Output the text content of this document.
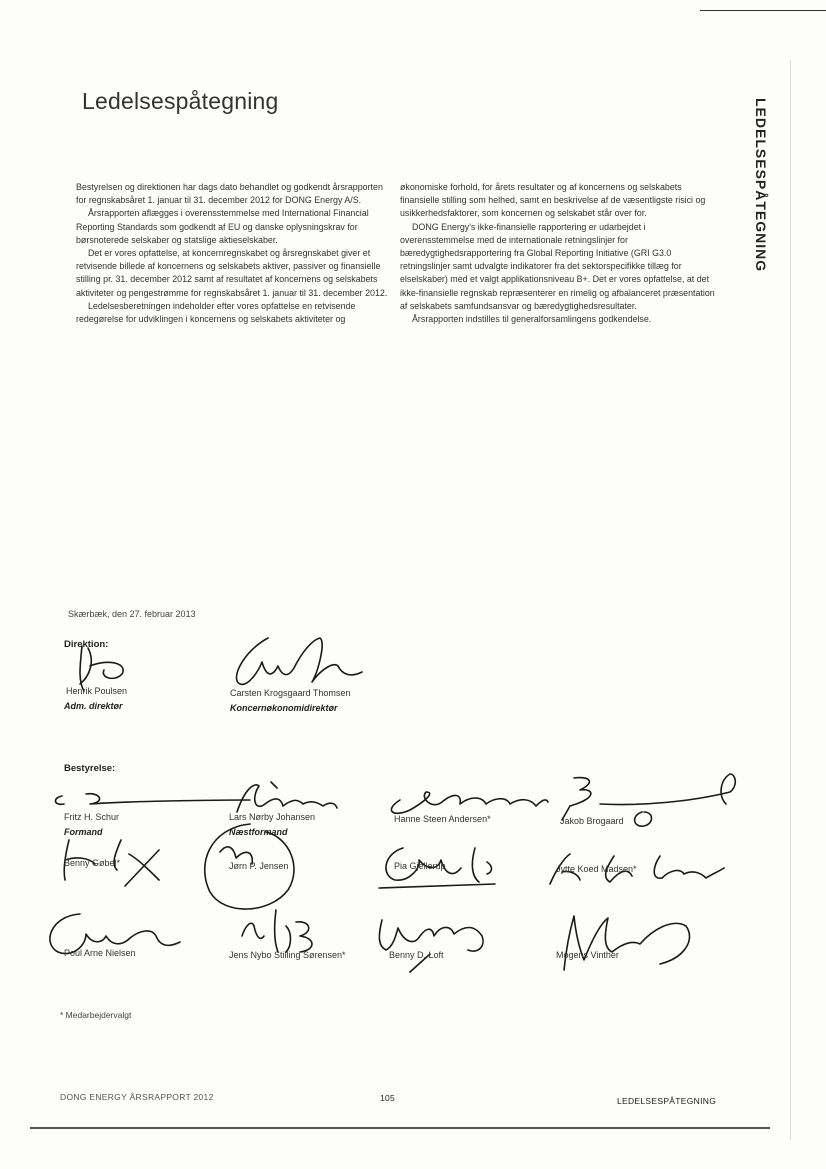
Ledelsespåtegning	LEDELSESPÅTEGNING

Bestyrelsen og direktionen har dags dato behandlet og godkendt årsrapporten for regnskabsåret 1. januar til 31. december 2012 for DONG Energy A/S.

Årsrapporten aflægges i overensstemmelse med International Financial Reporting Standards som godkendt af EU og danske oplysningskrav for børsnoterede selskaber og statslige aktieselskaber.

Det er vores opfattelse, at koncernregnskabet og årsregnskabet giver et retvisende billede af koncernens og selskabets aktiver, passiver og finansielle stilling pr. 31. december 2012 samt af resultatet af koncernens og selskabets aktiviteter og pengestrømme for regnskabsåret 1. januar til 31. december 2012.

Ledelsesberetningen indeholder efter vores opfattelse en retvisende redegørelse for udviklingen i koncernens og selskabets aktiviteter og

økonomiske forhold, for årets resultater og af koncernens og selskabets finansielle stilling som helhed, samt en beskrivelse af de væsentligste risici og usikkerhedsfaktorer, som koncernen og selskabet står over for.

DONG Energy's ikke-finansielle rapportering er udarbejdet i overensstemmelse med de internationale retningslinjer for bæredygtighedsrapportering fra Global Reporting Initiative (GRI G3.0 retningslinjer samt udvalgte indikatorer fra det sektorspecifikke tillæg for elselskaber) med et valgt applikationsniveau B+. Det er vores opfattelse, at det ikke-finansielle regnskab repræsenterer en rimelig og afbalanceret præsentation af selskabets samfundsansvar og bæredygtighedsresultater.

Årsrapporten indstilles til generalforsamlingens godkendelse.

Skærbæk, den 27. februar 2013
Direktion:
Henrik Poulsen
Adm. direktør
Carsten Krogsgaard Thomsen
Koncernøkonomidirektør
Bestyrelse:
Fritz H. Schur
Formand
Lars Nørby Johansen
Næstformand
Hanne Steen Andersen*	Jakob Brogaard
Benny Gøbel*	Jørn P. Jensen	Pia Gjellerup	Jytte Koed Madsen*
Poul Arne Nielsen	Jens Nybo Stilling Sørensen*	Benny D. Loft	Mogens Vinther
* Medarbejdervalgt
DONG ENERGY ÅRSRAPPORT 2012	105	LEDELSESPÅTEGNING
